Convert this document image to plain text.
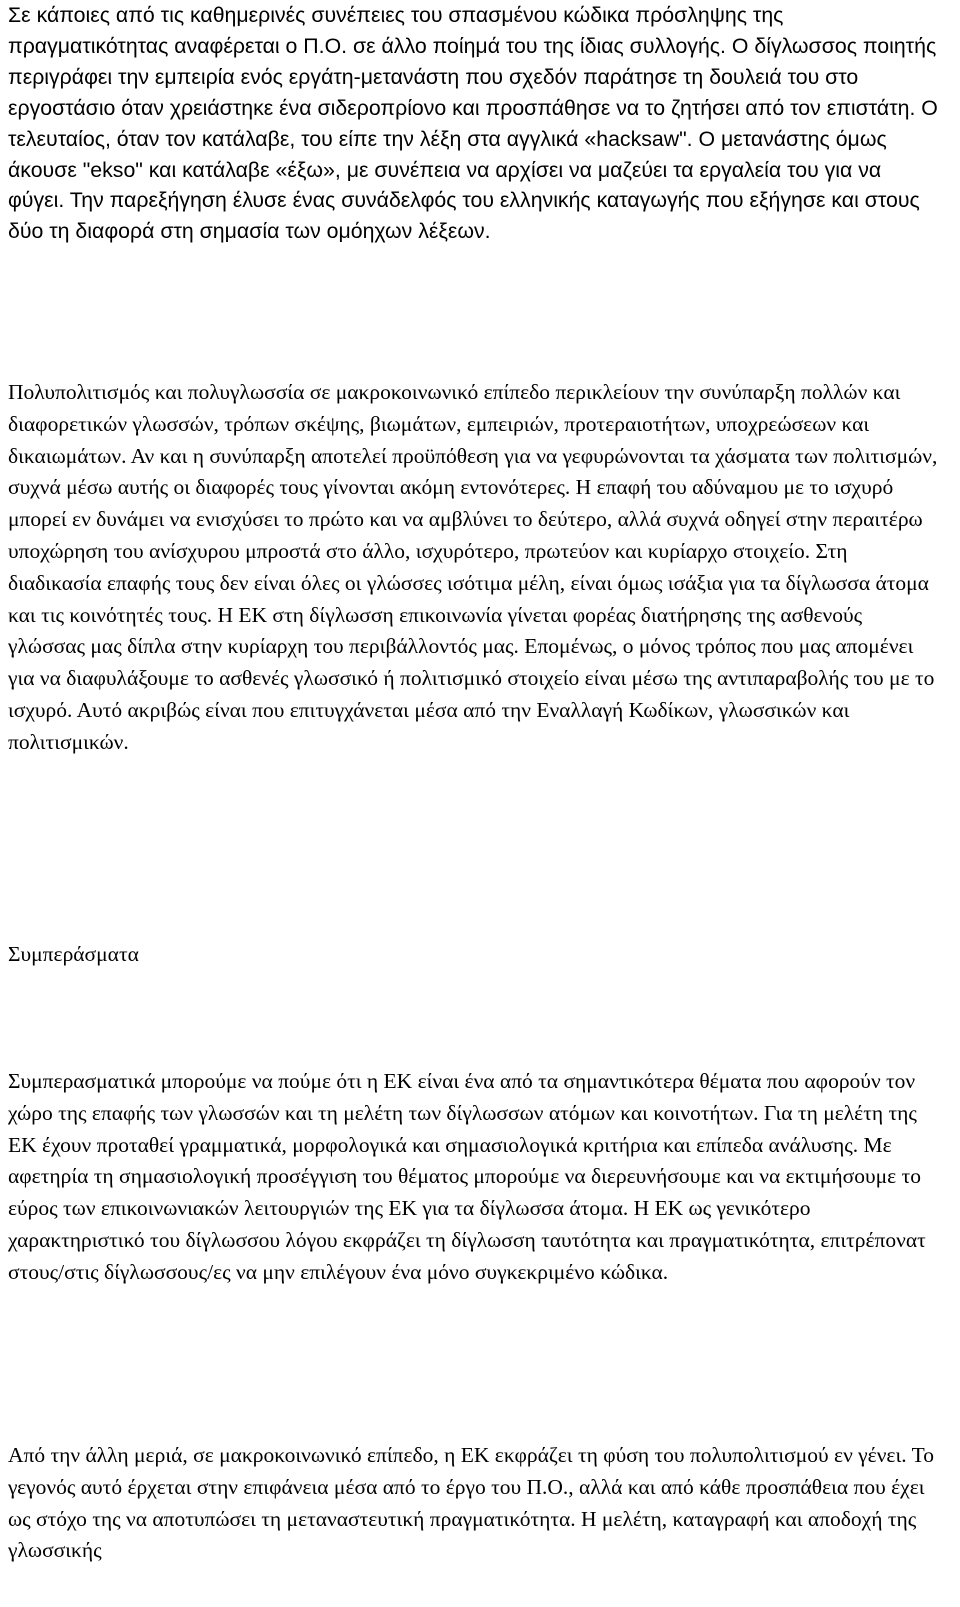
Σε κάποιες από τις καθημερινές συνέπειες του σπασμένου κώδικα πρόσληψης της πραγματικότητας αναφέρεται ο Π.Ο. σε άλλο ποίημά του της ίδιας συλλογής. Ο δίγλωσσος ποιητής περιγράφει την εμπειρία ενός εργάτη-μετανάστη που σχεδόν παράτησε τη δουλειά του στο εργοστάσιο όταν χρειάστηκε ένα σιδεροπρίονο και προσπάθησε να το ζητήσει από τον επιστάτη. Ο τελευταίος, όταν τον κατάλαβε, του είπε την λέξη στα αγγλικά «hacksaw". Ο μετανάστης όμως άκουσε "ekso" και κατάλαβε «έξω», με συνέπεια να αρχίσει να μαζεύει τα εργαλεία του για να φύγει. Την παρεξήγηση έλυσε ένας συνάδελφός του ελληνικής καταγωγής που εξήγησε και στους δύο τη διαφορά στη σημασία των ομόηχων λέξεων.

Πολυπολιτισμός και πολυγλωσσία σε μακροκοινωνικό επίπεδο περικλείουν την συνύπαρξη πολλών και διαφορετικών γλωσσών, τρόπων σκέψης, βιωμάτων, εμπειριών, προτεραιοτήτων, υποχρεώσεων και δικαιωμάτων. Αν και η συνύπαρξη αποτελεί προϋπόθεση για να γεφυρώνονται τα χάσματα των πολιτισμών, συχνά μέσω αυτής οι διαφορές τους γίνονται ακόμη εντονότερες. Η επαφή του αδύναμου με το ισχυρό μπορεί εν δυνάμει να ενισχύσει το πρώτο και να αμβλύνει το δεύτερο, αλλά συχνά οδηγεί στην περαιτέρω υποχώρηση του ανίσχυρου μπροστά στο άλλο, ισχυρότερο, πρωτεύον και κυρίαρχο στοιχείο. Στη διαδικασία επαφής τους δεν είναι όλες οι γλώσσες ισότιμα μέλη, είναι όμως ισάξια για τα δίγλωσσα άτομα και τις κοινότητές τους. Η ΕΚ στη δίγλωσση επικοινωνία γίνεται φορέας διατήρησης της ασθενούς γλώσσας μας δίπλα στην κυρίαρχη του περιβάλλοντός μας. Επομένως, ο μόνος τρόπος που μας απομένει για να διαφυλάξουμε το ασθενές γλωσσικό ή πολιτισμικό στοιχείο είναι μέσω της αντιπαραβολής του με το ισχυρό. Αυτό ακριβώς είναι που επιτυγχάνεται μέσα από την Εναλλαγή Κωδίκων, γλωσσικών και πολιτισμικών.

Συμπεράσματα

Συμπερασματικά μπορούμε να πούμε ότι η ΕΚ είναι ένα από τα σημαντικότερα θέματα που αφορούν τον χώρο της επαφής των γλωσσών και τη μελέτη των δίγλωσσων ατόμων και κοινοτήτων. Για τη μελέτη της ΕΚ έχουν προταθεί γραμματικά, μορφολογικά και σημασιολογικά κριτήρια και επίπεδα ανάλυσης. Με αφετηρία τη σημασιολογική προσέγγιση του θέματος μπορούμε να διερευνήσουμε και να εκτιμήσουμε το εύρος των επικοινωνιακών λειτουργιών της ΕΚ για τα δίγλωσσα άτομα. Η ΕΚ ως γενικότερο χαρακτηριστικό του δίγλωσσου λόγου εκφράζει τη δίγλωσση ταυτότητα και πραγματικότητα, επιτρέπονατ στους/στις δίγλωσσους/ες να μην επιλέγουν ένα μόνο συγκεκριμένο κώδικα.

Από την άλλη μεριά, σε μακροκοινωνικό επίπεδο, η ΕΚ εκφράζει τη φύση του πολυπολιτισμού εν γένει. Το γεγονός αυτό έρχεται στην επιφάνεια μέσα από το έργο του Π.Ο., αλλά και από κάθε προσπάθεια που έχει ως στόχο της να αποτυπώσει τη μεταναστευτική πραγματικότητα. Η μελέτη, καταγραφή και αποδοχή της γλωσσικής
